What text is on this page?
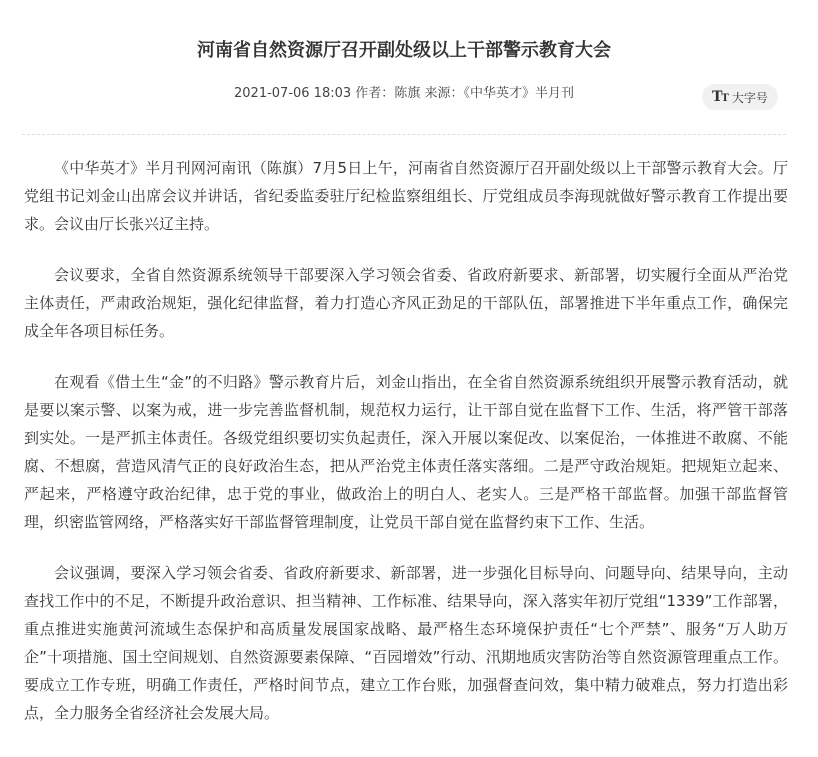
河南省自然资源厅召开副处级以上干部警示教育大会
2021-07-06 18:03 作者：陈旗 来源：《中华英才》半月刊	TT 大字号

《中华英才》半月刊网河南讯（陈旗）7月5日上午，河南省自然资源厅召开副处级以上干部警示教育大会。厅党组书记刘金山出席会议并讲话，省纪委监委驻厅纪检监察组组长、厅党组成员李海现就做好警示教育工作提出要求。会议由厅长张兴辽主持。

会议要求，全省自然资源系统领导干部要深入学习领会省委、省政府新要求、新部署，切实履行全面从严治党主体责任，严肃政治规矩，强化纪律监督，着力打造心齐风正劲足的干部队伍，部署推进下半年重点工作，确保完成全年各项目标任务。

在观看《借土生“金”的不归路》警示教育片后，刘金山指出，在全省自然资源系统组织开展警示教育活动，就是要以案示警、以案为戒，进一步完善监督机制，规范权力运行，让干部自觉在监督下工作、生活，将严管干部落到实处。一是严抓主体责任。各级党组织要切实负起责任，深入开展以案促改、以案促治，一体推进不敢腐、不能腐、不想腐，营造风清气正的良好政治生态，把从严治党主体责任落实落细。二是严守政治规矩。把规矩立起来、严起来，严格遵守政治纪律，忠于党的事业，做政治上的明白人、老实人。三是严格干部监督。加强干部监督管理，织密监管网络，严格落实好干部监督管理制度，让党员干部自觉在监督约束下工作、生活。

会议强调，要深入学习领会省委、省政府新要求、新部署，进一步强化目标导向、问题导向、结果导向，主动查找工作中的不足，不断提升政治意识、担当精神、工作标准、结果导向，深入落实年初厅党组“1339”工作部署，重点推进实施黄河流域生态保护和高质量发展国家战略、最严格生态环境保护责任“七个严禁”、服务“万人助万企”十项措施、国土空间规划、自然资源要素保障、“百园增效”行动、汛期地质灾害防治等自然资源管理重点工作。要成立工作专班，明确工作责任，严格时间节点，建立工作台账，加强督查问效，集中精力破难点，努力打造出彩点，全力服务全省经济社会发展大局。
